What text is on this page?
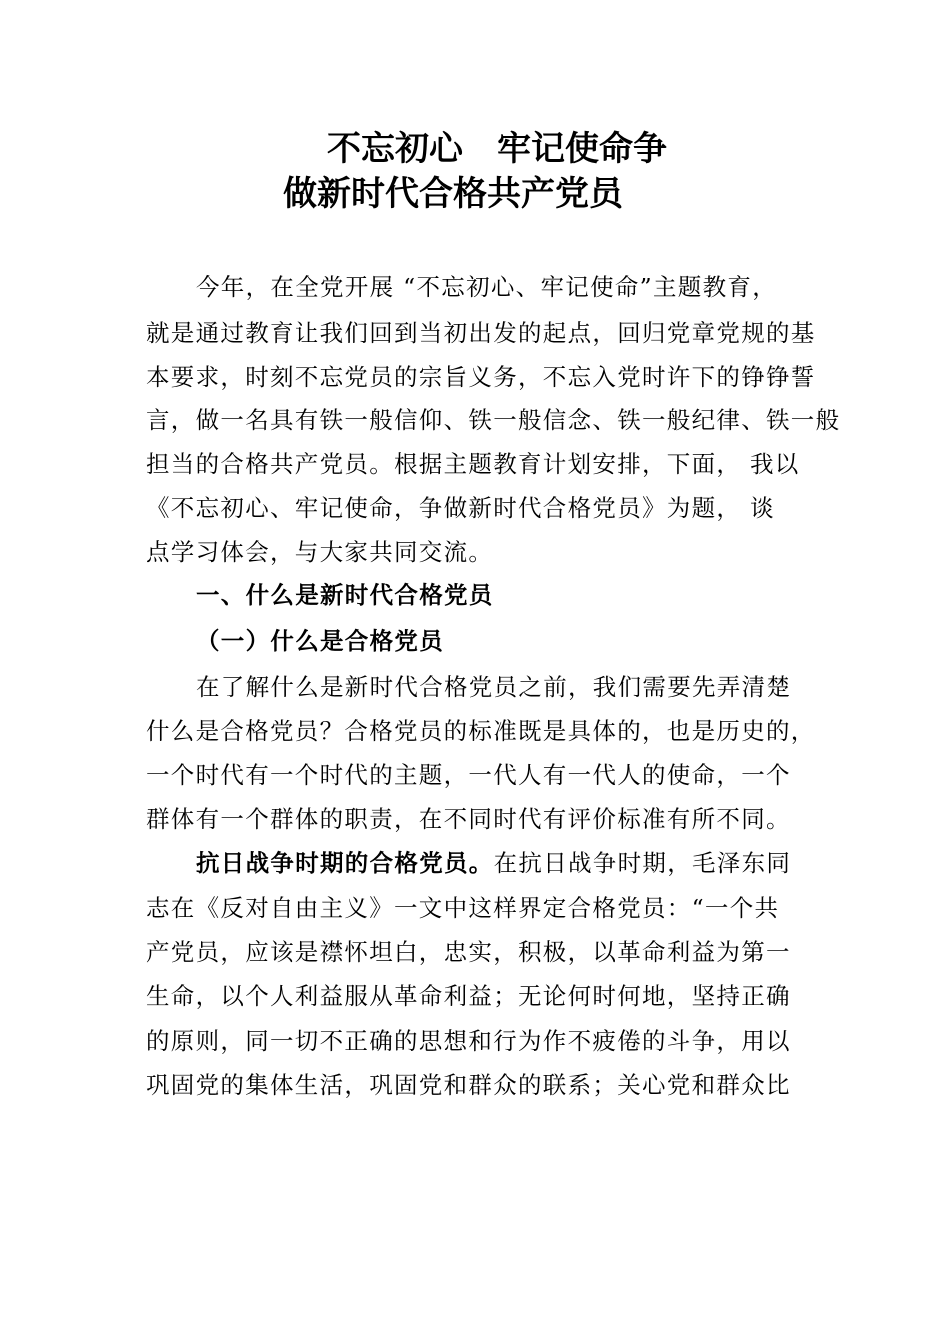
不忘初心　牢记使命争
做新时代合格共产党员
今年，在全党开展 “不忘初心、牢记使命”主题教育，
就是通过教育让我们回到当初出发的起点，回归党章党规的基
本要求，时刻不忘党员的宗旨义务，不忘入党时许下的铮铮誓
言，做一名具有铁一般信仰、铁一般信念、铁一般纪律、铁一般
担当的合格共产党员。根据主题教育计划安排，下面， 我以
《不忘初心、牢记使命，争做新时代合格党员》为题， 谈
点学习体会，与大家共同交流。
一、什么是新时代合格党员
（一）什么是合格党员
在了解什么是新时代合格党员之前，我们需要先弄清楚
什么是合格党员？合格党员的标准既是具体的，也是历史的，
一个时代有一个时代的主题，一代人有一代人的使命，一个
群体有一个群体的职责，在不同时代有评价标准有所不同。
抗日战争时期的合格党员。在抗日战争时期，毛泽东同
志在《反对自由主义》一文中这样界定合格党员：“一个共
产党员，应该是襟怀坦白，忠实，积极，以革命利益为第一
生命，以个人利益服从革命利益；无论何时何地，坚持正确
的原则，同一切不正确的思想和行为作不疲倦的斗争，用以
巩固党的集体生活，巩固党和群众的联系；关心党和群众比
